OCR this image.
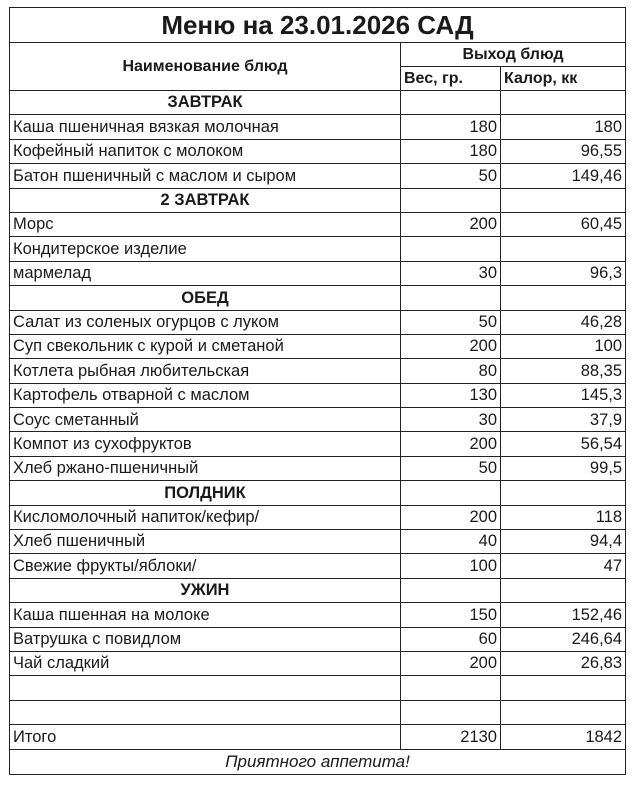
Меню на 23.01.2026 САД		
Наименование блюд	Выход блюд	
	Вес, гр.	Калор, кк
ЗАВТРАК		
Каша пшеничная вязкая молочная	180	180
Кофейный напиток с молоком	180	96,55
Батон пшеничный с маслом и сыром	50	149,46
2 ЗАВТРАК		
Морс	200	60,45
Кондитерское изделие		
мармелад	30	96,3
ОБЕД		
Салат из соленых огурцов с луком	50	46,28
Суп свекольник с курой и сметаной	200	100
Котлета рыбная любительская	80	88,35
Картофель отварной с маслом	130	145,3
Соус сметанный	30	37,9
Компот из сухофруктов	200	56,54
Хлеб ржано-пшеничный	50	99,5
ПОЛДНИК		
Кисломолочный напиток/кефир/	200	118
Хлеб пшеничный	40	94,4
Свежие фрукты/яблоки/	100	47
УЖИН		
Каша пшенная на молоке	150	152,46
Ватрушка с повидлом	60	246,64
Чай сладкий	200	26,83

Итого	2130	1842
Приятного аппетита!		
